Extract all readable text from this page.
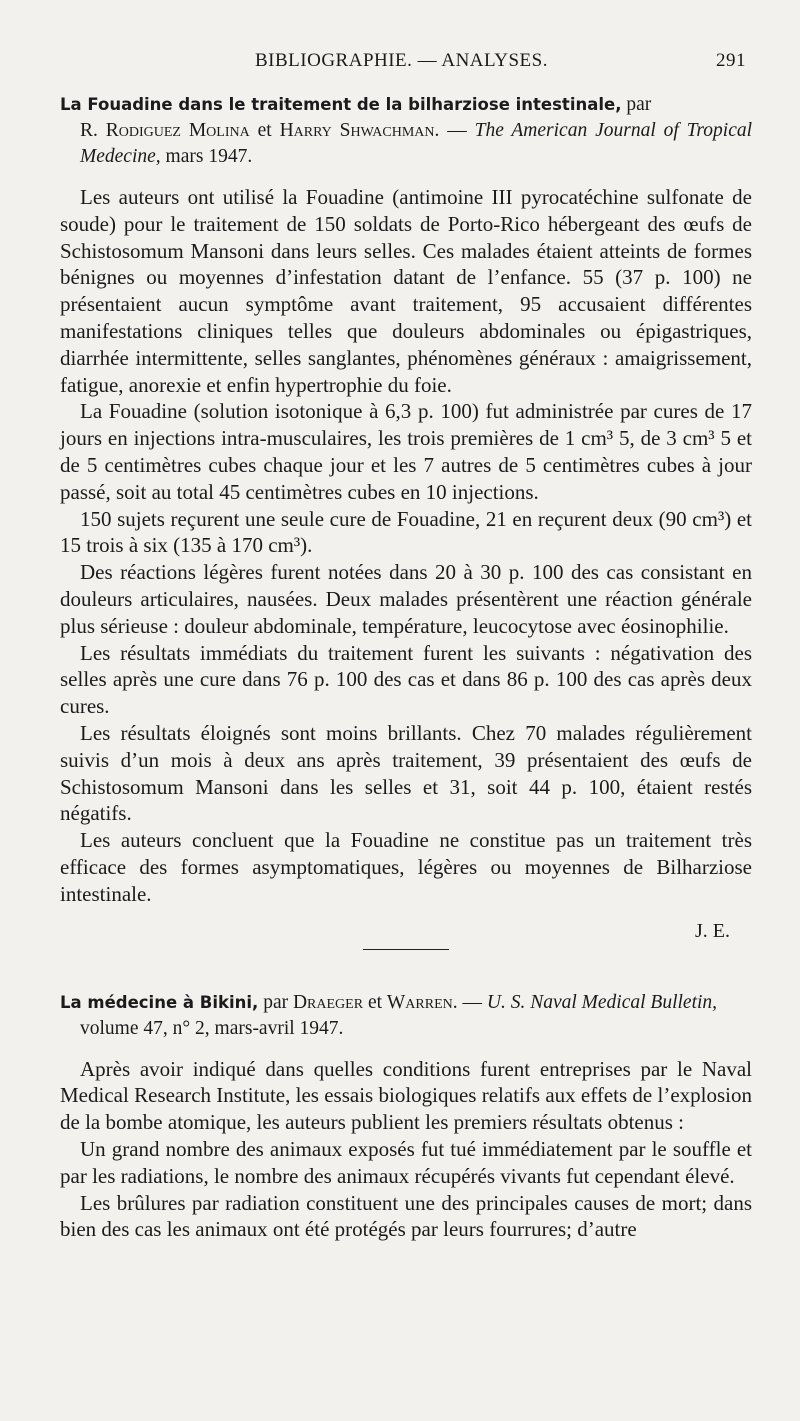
BIBLIOGRAPHIE. — ANALYSES.	291
La Fouadine dans le traitement de la bilharziose intestinale, par
R. Rodiguez Molina et Harry Shwachman. — The American Journal of Tropical Medecine, mars 1947.

Les auteurs ont utilisé la Fouadine (antimoine III pyrocatéchine sulfonate de soude) pour le traitement de 150 soldats de Porto-Rico hébergeant des œufs de Schistosomum Mansoni dans leurs selles. Ces malades étaient atteints de formes bénignes ou moyennes d’infestation datant de l’enfance. 55 (37 p. 100) ne présentaient aucun symptôme avant traitement, 95 accusaient différentes manifestations cliniques telles que douleurs abdominales ou épigastriques, diarrhée intermittente, selles sanglantes, phénomènes généraux : amaigrissement, fatigue, anorexie et enfin hypertrophie du foie.

La Fouadine (solution isotonique à 6,3 p. 100) fut administrée par cures de 17 jours en injections intra-musculaires, les trois premières de 1 cm³ 5, de 3 cm³ 5 et de 5 centimètres cubes chaque jour et les 7 autres de 5 centimètres cubes à jour passé, soit au total 45 centimètres cubes en 10 injections.

150 sujets reçurent une seule cure de Fouadine, 21 en reçurent deux (90 cm³) et 15 trois à six (135 à 170 cm³).

Des réactions légères furent notées dans 20 à 30 p. 100 des cas consistant en douleurs articulaires, nausées. Deux malades présentèrent une réaction générale plus sérieuse : douleur abdominale, température, leucocytose avec éosinophilie.

Les résultats immédiats du traitement furent les suivants : négativation des selles après une cure dans 76 p. 100 des cas et dans 86 p. 100 des cas après deux cures.

Les résultats éloignés sont moins brillants. Chez 70 malades régulièrement suivis d’un mois à deux ans après traitement, 39 présentaient des œufs de Schistosomum Mansoni dans les selles et 31, soit 44 p. 100, étaient restés négatifs.

Les auteurs concluent que la Fouadine ne constitue pas un traitement très efficace des formes asymptomatiques, légères ou moyennes de Bilharziose intestinale.

J. E.
La médecine à Bikini, par Draeger et Warren. — U. S. Naval Medical Bulletin,
volume 47, n° 2, mars-avril 1947.

Après avoir indiqué dans quelles conditions furent entreprises par le Naval Medical Research Institute, les essais biologiques relatifs aux effets de l’explosion de la bombe atomique, les auteurs publient les premiers résultats obtenus :

Un grand nombre des animaux exposés fut tué immédiatement par le souffle et par les radiations, le nombre des animaux récupérés vivants fut cependant élevé.

Les brûlures par radiation constituent une des principales causes de mort; dans bien des cas les animaux ont été protégés par leurs fourrures; d’autre
